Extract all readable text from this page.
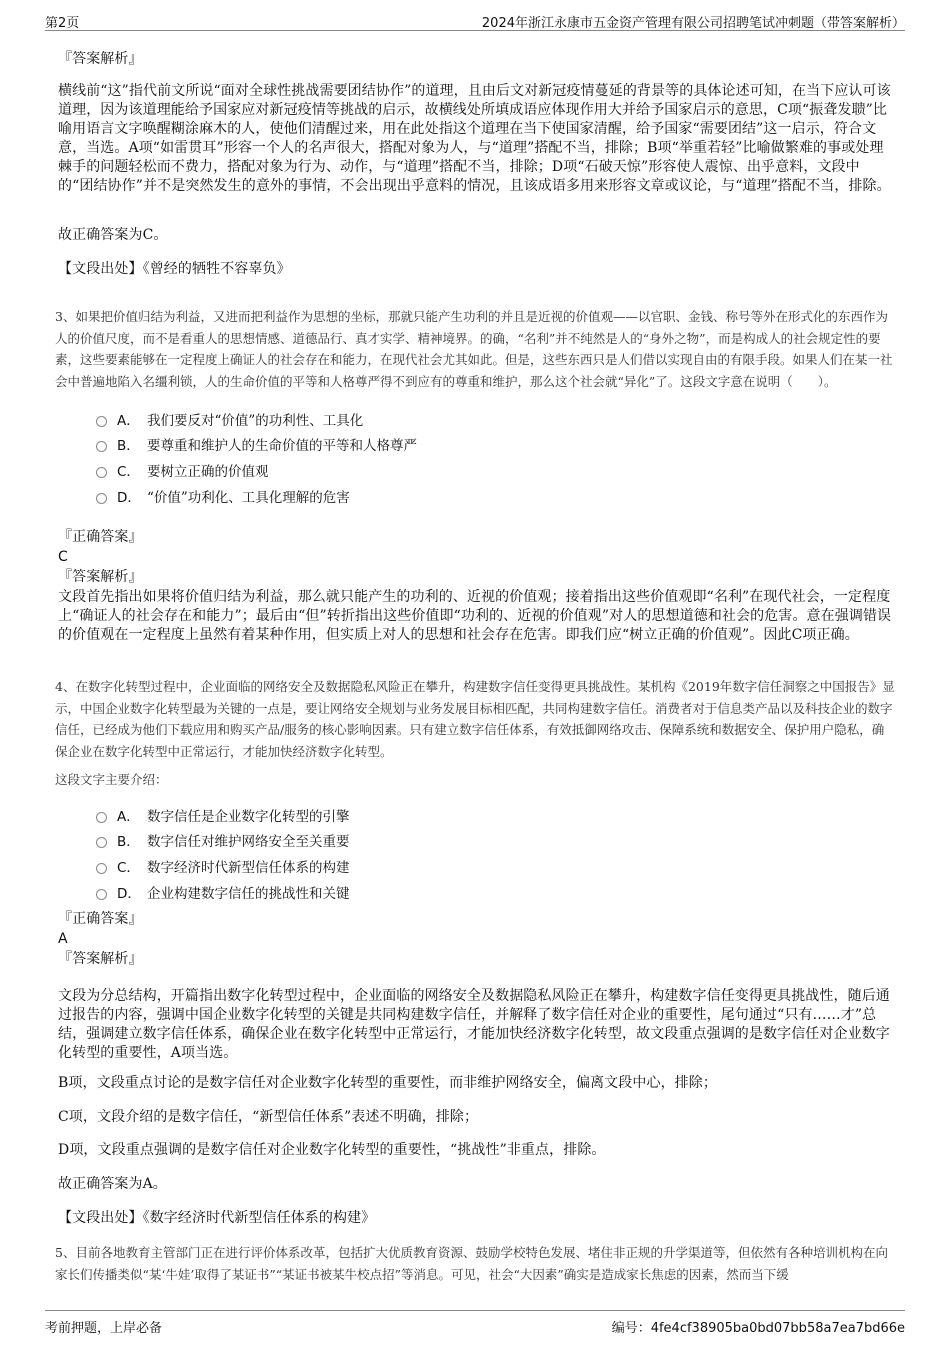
第2页	2024年浙江永康市五金资产管理有限公司招聘笔试冲刺题（带答案解析）

『答案解析』

横线前“这”指代前文所说“面对全球性挑战需要团结协作”的道理，且由后文对新冠疫情蔓延的背景等的具体论述可知，在当下应认可该道理，因为该道理能给予国家应对新冠疫情等挑战的启示，故横线处所填成语应体现作用大并给予国家启示的意思，C项“振聋发聩”比喻用语言文字唤醒糊涂麻木的人，使他们清醒过来，用在此处指这个道理在当下使国家清醒，给予国家“需要团结”这一启示，符合文意，当选。A项“如雷贯耳”形容一个人的名声很大，搭配对象为人，与“道理”搭配不当，排除；B项“举重若轻”比喻做繁难的事或处理棘手的问题轻松而不费力，搭配对象为行为、动作，与“道理”搭配不当，排除；D项“石破天惊”形容使人震惊、出乎意料，文段中的“团结协作”并不是突然发生的意外的事情，不会出现出乎意料的情况，且该成语多用来形容文章或议论，与“道理”搭配不当，排除。

故正确答案为C。

【文段出处】《曾经的牺牲不容辜负》

3、如果把价值归结为利益，又进而把利益作为思想的坐标，那就只能产生功利的并且是近视的价值观——以官职、金钱、称号等外在形式化的东西作为人的价值尺度，而不是看重人的思想情感、道德品行、真才实学、精神境界。的确，“名利”并不纯然是人的“身外之物”，而是构成人的社会规定性的要素，这些要素能够在一定程度上确证人的社会存在和能力，在现代社会尤其如此。但是，这些东西只是人们借以实现自由的有限手段。如果人们在某一社会中普遍地陷入名缰利锁，人的生命价值的平等和人格尊严得不到应有的尊重和维护，那么这个社会就“异化”了。这段文字意在说明（　　）。

A． 我们要反对“价值”的功利性、工具化
B． 要尊重和维护人的生命价值的平等和人格尊严
C． 要树立正确的价值观
D． “价值”功利化、工具化理解的危害

『正确答案』

C

『答案解析』

文段首先指出如果将价值归结为利益，那么就只能产生的功利的、近视的价值观；接着指出这些价值观即“名利”在现代社会，一定程度上“确证人的社会存在和能力”；最后由“但”转折指出这些价值即“功利的、近视的价值观”对人的思想道德和社会的危害。意在强调错误的价值观在一定程度上虽然有着某种作用，但实质上对人的思想和社会存在危害。即我们应“树立正确的价值观”。因此C项正确。

4、在数字化转型过程中，企业面临的网络安全及数据隐私风险正在攀升，构建数字信任变得更具挑战性。某机构《2019年数字信任洞察之中国报告》显示，中国企业数字化转型最为关键的一点是，要让网络安全规划与业务发展目标相匹配，共同构建数字信任。消费者对于信息类产品以及科技企业的数字信任，已经成为他们下载应用和购买产品/服务的核心影响因素。只有建立数字信任体系，有效抵御网络攻击、保障系统和数据安全、保护用户隐私，确保企业在数字化转型中正常运行，才能加快经济数字化转型。

这段文字主要介绍：

A． 数字信任是企业数字化转型的引擎
B． 数字信任对维护网络安全至关重要
C． 数字经济时代新型信任体系的构建
D． 企业构建数字信任的挑战性和关键

『正确答案』

A

『答案解析』

文段为分总结构，开篇指出数字化转型过程中，企业面临的网络安全及数据隐私风险正在攀升，构建数字信任变得更具挑战性，随后通过报告的内容，强调中国企业数字化转型的关键是共同构建数字信任，并解释了数字信任对企业的重要性，尾句通过“只有……才”总结，强调建立数字信任体系，确保企业在数字化转型中正常运行，才能加快经济数字化转型，故文段重点强调的是数字信任对企业数字化转型的重要性，A项当选。

B项，文段重点讨论的是数字信任对企业数字化转型的重要性，而非维护网络安全，偏离文段中心，排除；

C项，文段介绍的是数字信任，“新型信任体系”表述不明确，排除；

D项，文段重点强调的是数字信任对企业数字化转型的重要性，“挑战性”非重点，排除。

故正确答案为A。

【文段出处】《数字经济时代新型信任体系的构建》

5、目前各地教育主管部门正在进行评价体系改革，包括扩大优质教育资源、鼓励学校特色发展、堵住非正规的升学渠道等，但依然有各种培训机构在向家长们传播类似“某‘牛娃’取得了某证书”“某证书被某牛校点招”等消息。可见，社会“大因素”确实是造成家长焦虑的因素，然而当下缓

考前押题，上岸必备	编号：4fe4cf38905ba0bd07bb58a7ea7bd66e
